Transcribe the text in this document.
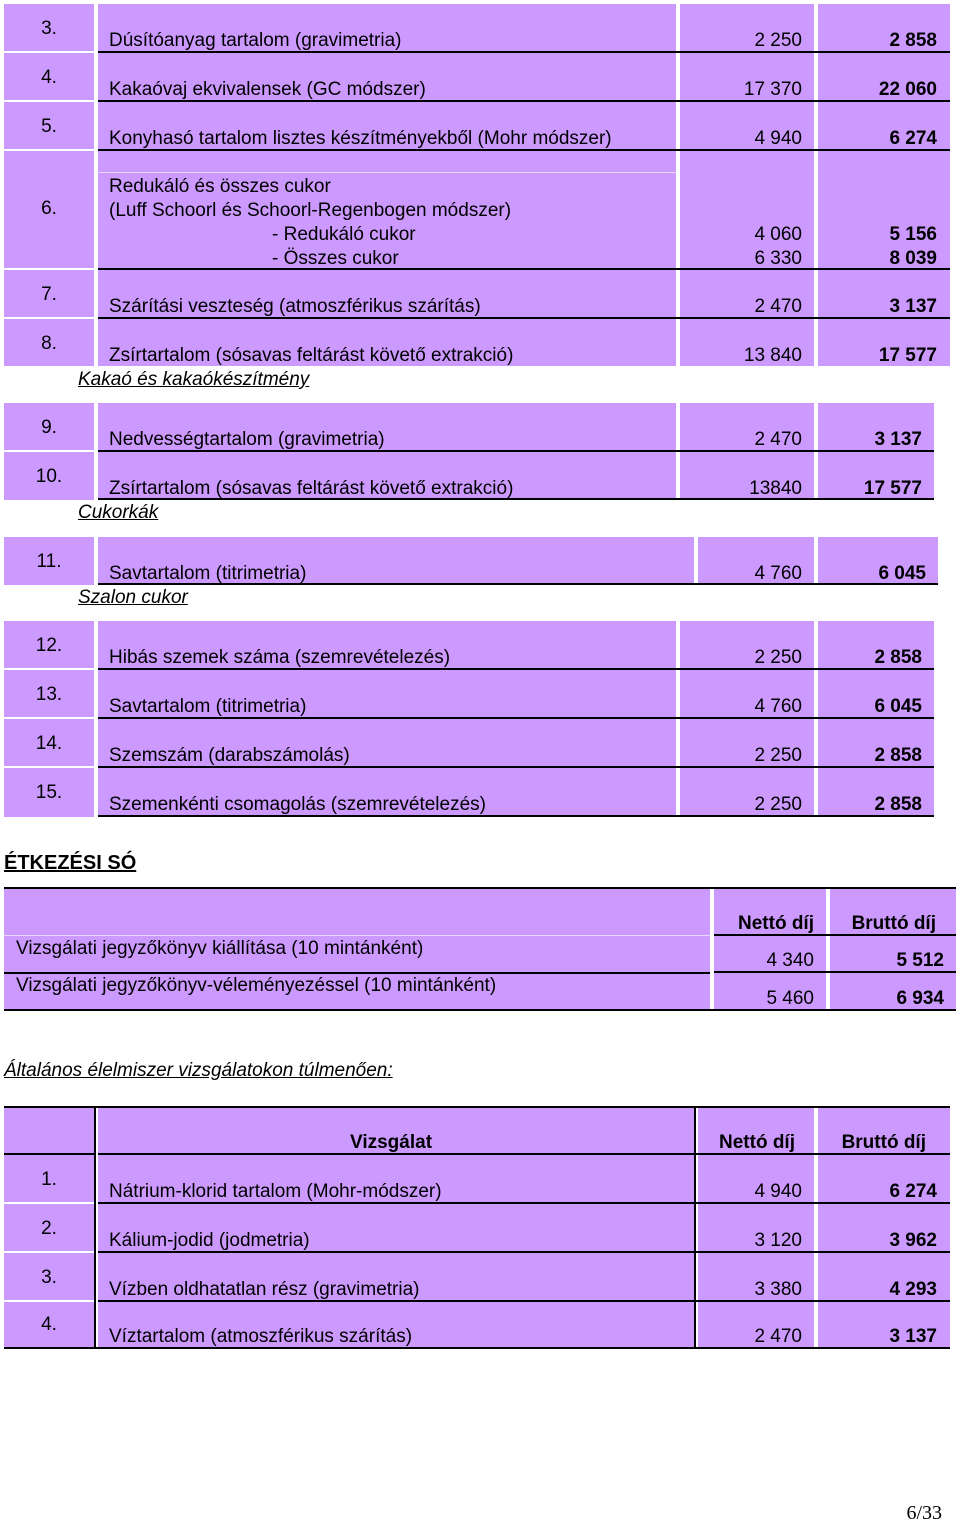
3.
Dúsítóanyag tartalom (gravimetria)	2 250	2 858
4.
Kakaóvaj ekvivalensek (GC módszer)	17 370	22 060
5.
Konyhasó tartalom lisztes készítményekből (Mohr módszer)	4 940	6 274
6.
Redukáló és összes cukor
(Luff Schoorl és Schoorl-Regenbogen módszer)
- Redukáló cukor
- Összes cukor
4 060	5 156
6 330	8 039
7.
Szárítási veszteség (atmoszférikus szárítás)	2 470	3 137
8.
Zsírtartalom (sósavas feltárást követő extrakció)	13 840	17 577
Kakaó és kakaókészítmény
9.
Nedvességtartalom (gravimetria)	2 470	3 137
10.
Zsírtartalom (sósavas feltárást követő extrakció)	13840	17 577
Cukorkák
11.
Savtartalom (titrimetria)	4 760	6 045
Szalon cukor
12.
Hibás szemek száma (szemrevételezés)	2 250	2 858
13.
Savtartalom (titrimetria)	4 760	6 045
14.
Szemszám (darabszámolás)	2 250	2 858
15.
Szemenkénti csomagolás (szemrevételezés)	2 250	2 858
ÉTKEZÉSI SÓ
Nettó díj	Bruttó díj
Vizsgálati jegyzőkönyv kiállítása (10 mintánként)
4 340	5 512
Vizsgálati jegyzőkönyv-véleményezéssel (10 mintánként)
5 460	6 934
Általános élelmiszer vizsgálatokon túlmenően:
Vizsgálat	Nettó díj	Bruttó díj
1.
Nátrium-klorid tartalom (Mohr-módszer)	4 940	6 274
2.
Kálium-jodid (jodmetria)	3 120	3 962
3.
Vízben oldhatatlan rész (gravimetria)	3 380	4 293
4.
Víztartalom (atmoszférikus szárítás)	2 470	3 137
6/33
